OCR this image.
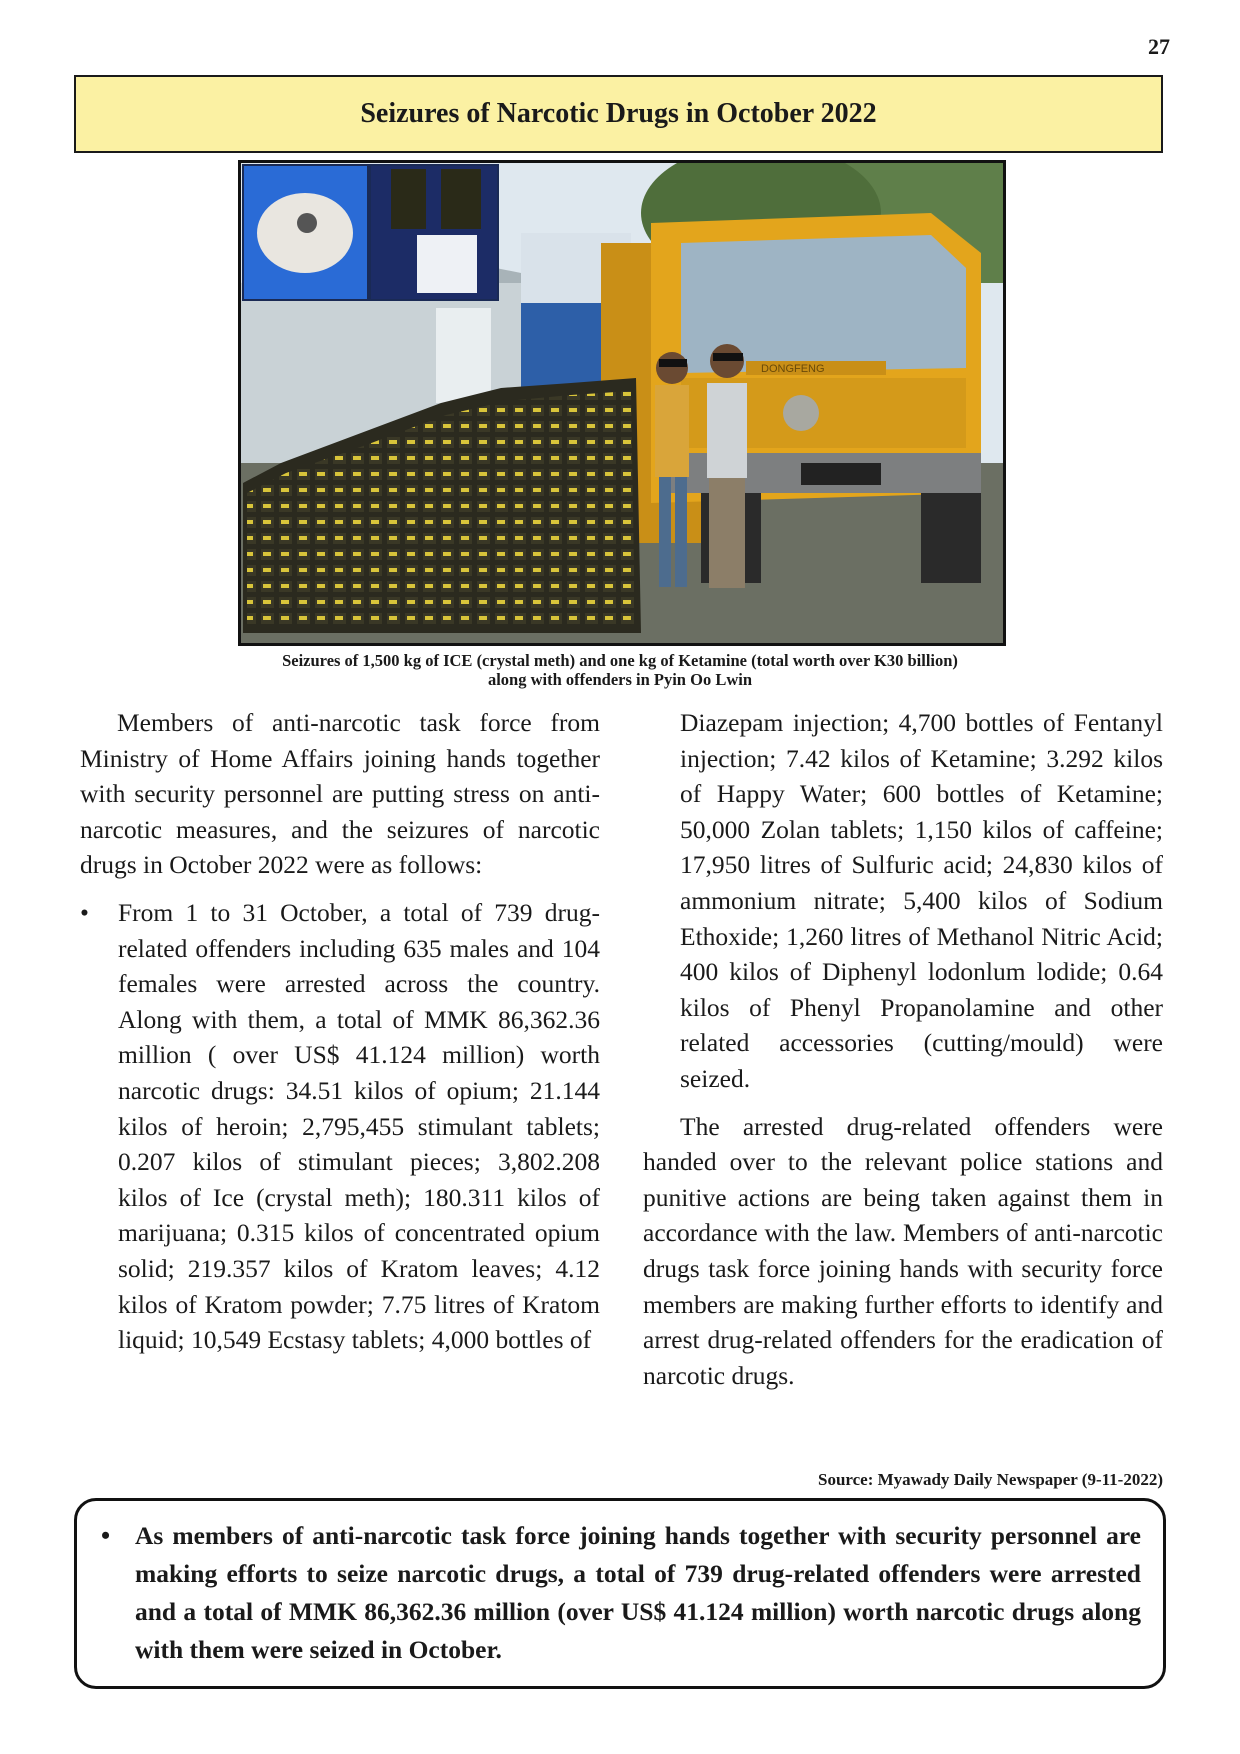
27
Seizures of Narcotic Drugs in October 2022
DONGFENG
Seizures of 1,500 kg of ICE (crystal meth) and one kg of Ketamine (total worth over K30 billion)
along with offenders in Pyin Oo Lwin

Members of anti-narcotic task force from Ministry of Home Affairs joining hands together with security personnel are putting stress on anti-narcotic measures, and the seizures of narcotic drugs in October 2022 were as follows:

• From 1 to 31 October, a total of 739 drug-related offenders including 635 males and 104 females were arrested across the country. Along with them, a total of MMK 86,362.36 million ( over US$ 41.124 million) worth narcotic drugs: 34.51 kilos of opium; 21.144 kilos of heroin; 2,795,455 stimulant tablets; 0.207 kilos of stimulant pieces; 3,802.208 kilos of Ice (crystal meth); 180.311 kilos of marijuana; 0.315 kilos of concentrated opium solid; 219.357 kilos of Kratom leaves; 4.12 kilos of Kratom powder; 7.75 litres of Kratom liquid; 10,549 Ecstasy tablets; 4,000 bottles of

Diazepam injection; 4,700 bottles of Fentanyl injection; 7.42 kilos of Ketamine; 3.292 kilos of Happy Water; 600 bottles of Ketamine; 50,000 Zolan tablets; 1,150 kilos of caffeine; 17,950 litres of Sulfuric acid; 24,830 kilos of ammonium nitrate; 5,400 kilos of Sodium Ethoxide; 1,260 litres of Methanol Nitric Acid; 400 kilos of Diphenyl lodonlum lodide; 0.64 kilos of Phenyl Propanolamine and other related accessories (cutting/mould) were seized.

The arrested drug-related offenders were handed over to the relevant police stations and punitive actions are being taken against them in accordance with the law. Members of anti-narcotic drugs task force joining hands with security force members are making further efforts to identify and arrest drug-related offenders for the eradication of narcotic drugs.

Source: Myawady Daily Newspaper (9-11-2022)
• As members of anti-narcotic task force joining hands together with security personnel are making efforts to seize narcotic drugs, a total of 739 drug-related offenders were arrested and a total of MMK 86,362.36 million (over US$ 41.124 million) worth narcotic drugs along with them were seized in October.
